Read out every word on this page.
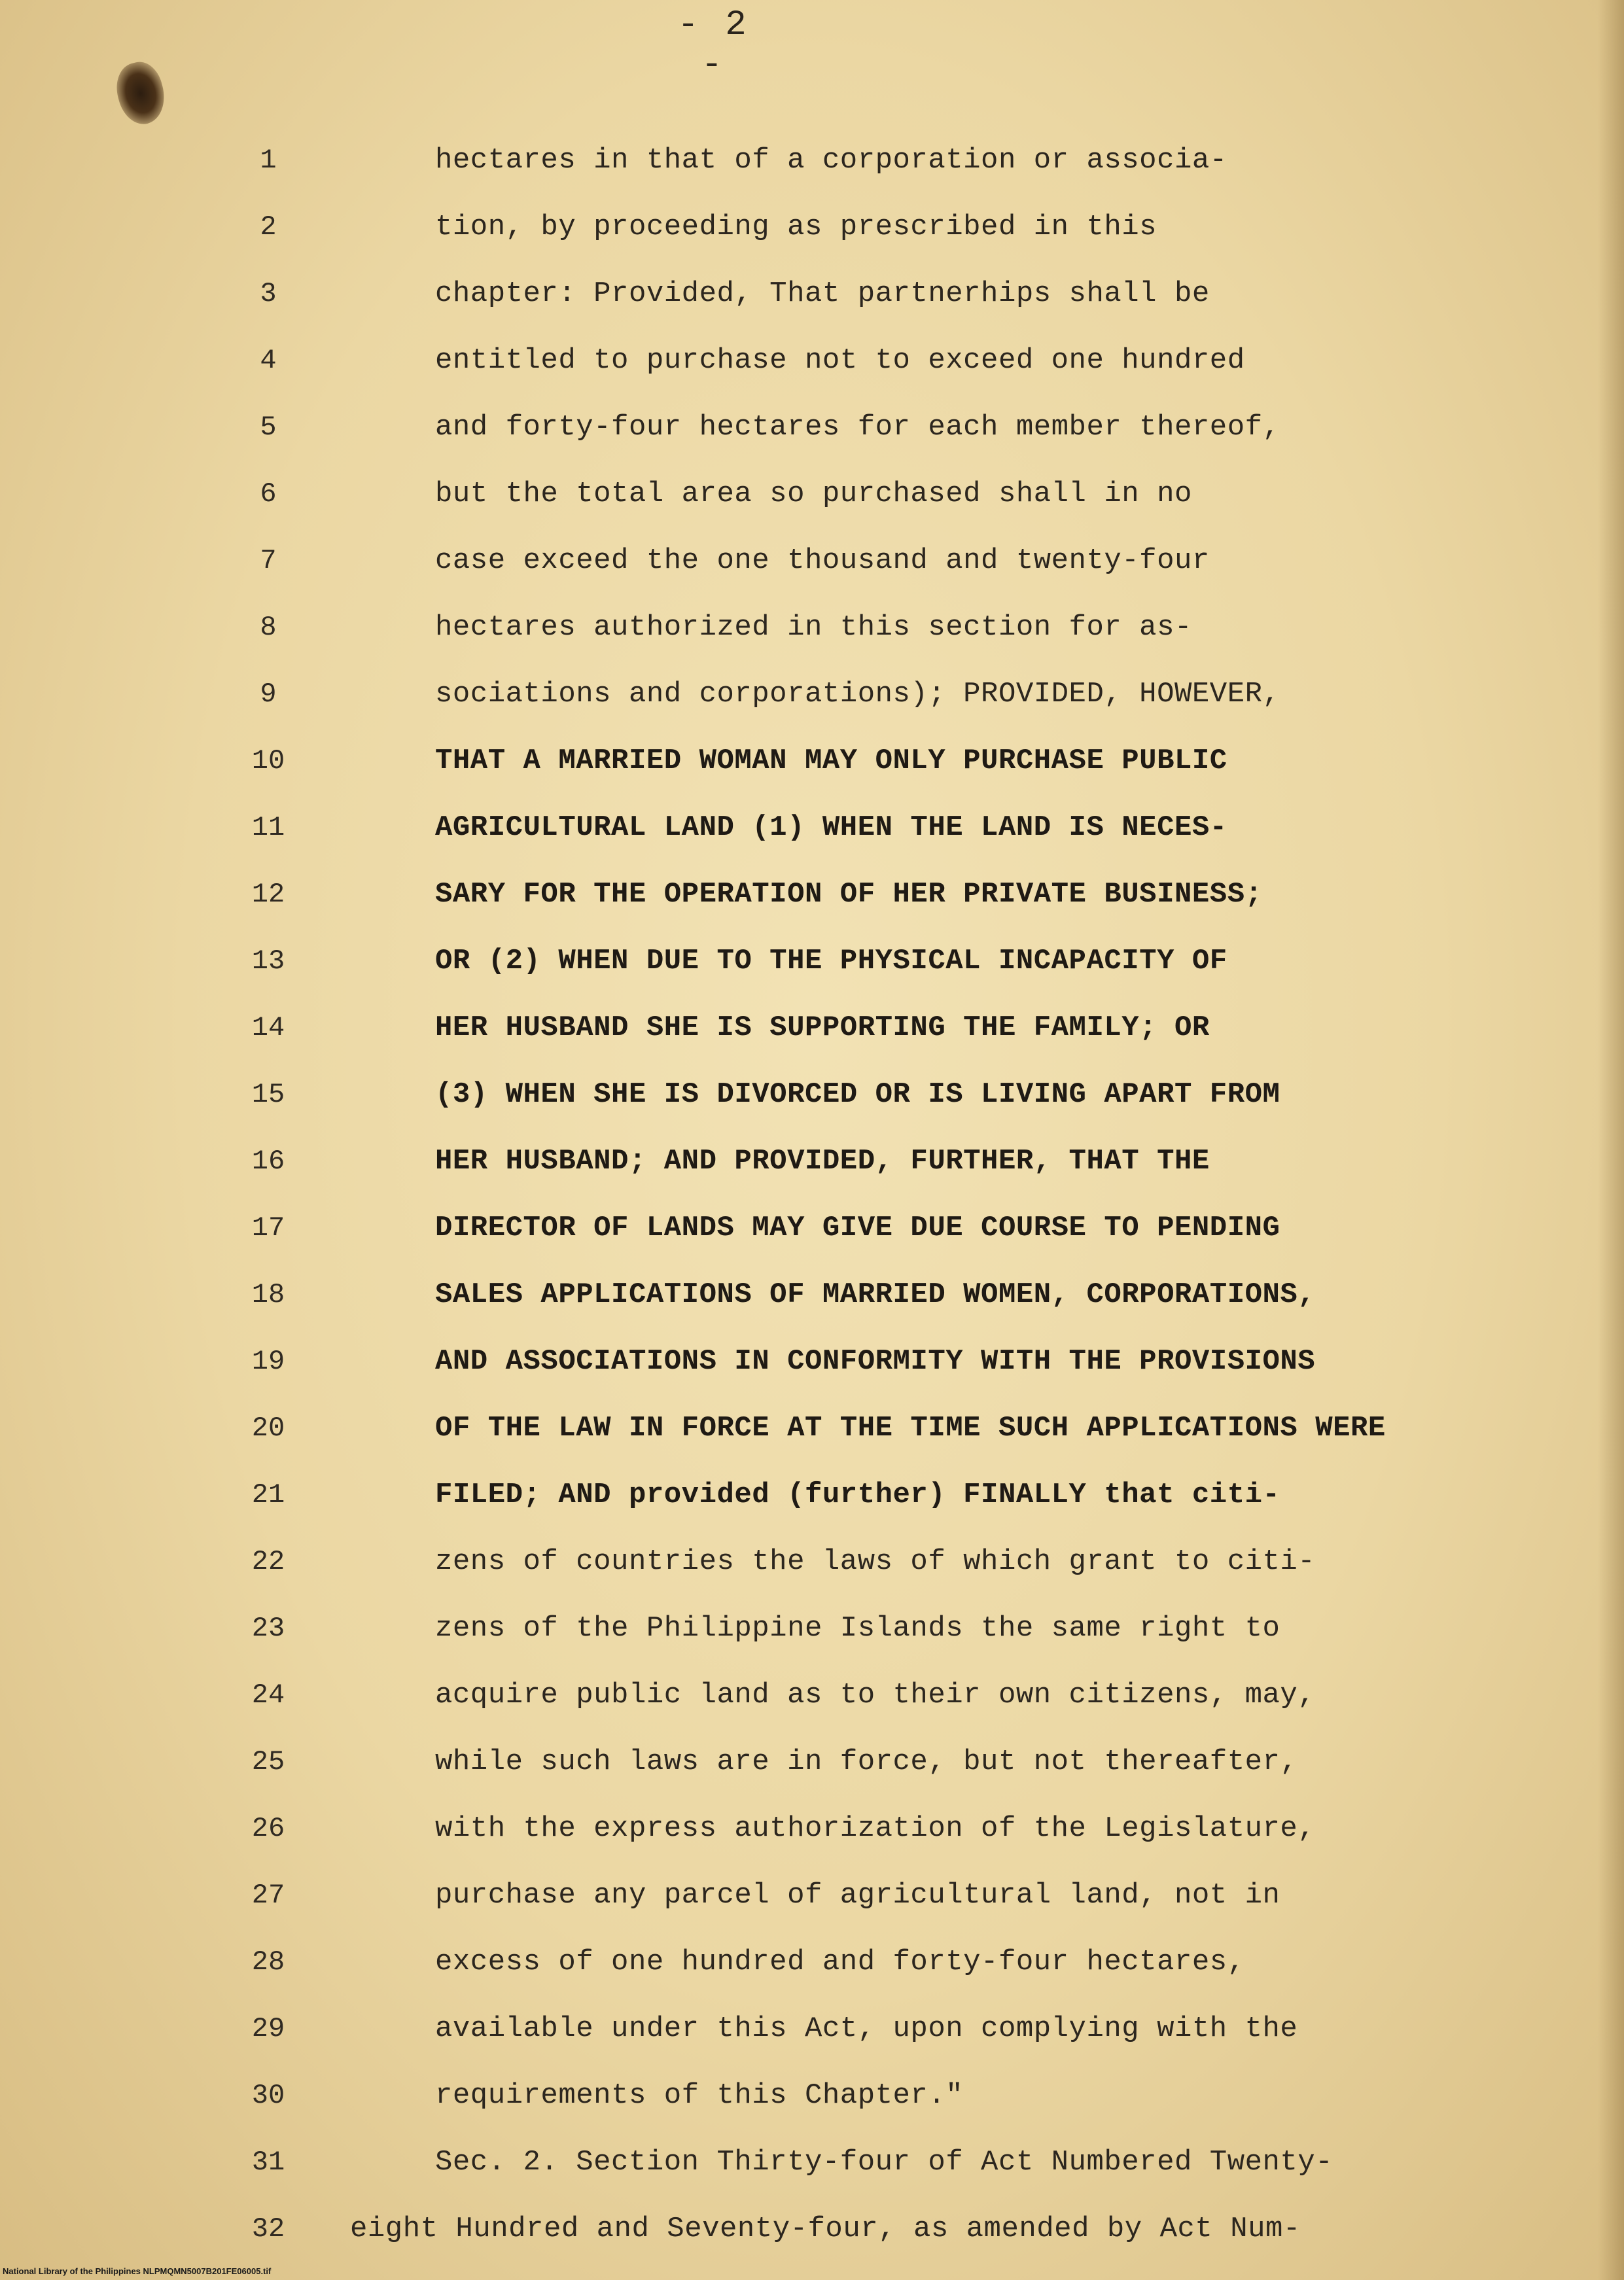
- 2 -
1
2
3
4
5
6
7
8
9
10
11
12
13
14
15
16
17
18
19
20
21
22
23
24
25
26
27
28
29
30
31
32
hectares in that of a corporation or associa-
tion, by proceeding as prescribed in this
chapter: Provided, That partnerhips shall be
entitled to purchase not to exceed one hundred
and forty-four hectares for each member thereof,
but the total area so purchased shall in no
case exceed the one thousand and twenty-four
hectares authorized in this section for as-
sociations and corporations); PROVIDED, HOWEVER,
THAT A MARRIED WOMAN MAY ONLY PURCHASE PUBLIC
AGRICULTURAL LAND (1) WHEN THE LAND IS NECES-
SARY FOR THE OPERATION OF HER PRIVATE BUSINESS;
OR (2) WHEN DUE TO THE PHYSICAL INCAPACITY OF
HER HUSBAND SHE IS SUPPORTING THE FAMILY; OR
(3) WHEN SHE IS DIVORCED OR IS LIVING APART FROM
HER HUSBAND; AND PROVIDED, FURTHER, THAT THE
DIRECTOR OF LANDS MAY GIVE DUE COURSE TO PENDING
SALES APPLICATIONS OF MARRIED WOMEN, CORPORATIONS,
AND ASSOCIATIONS IN CONFORMITY WITH THE PROVISIONS
OF THE LAW IN FORCE AT THE TIME SUCH APPLICATIONS WERE
FILED; AND provided (further) FINALLY that citi-
zens of countries the laws of which grant to citi-
zens of the Philippine Islands the same right to
acquire public land as to their own citizens, may,
while such laws are in force, but not thereafter,
with the express authorization of the Legislature,
purchase any parcel of agricultural land, not in
excess of one hundred and forty-four hectares,
available under this Act, upon complying with the
requirements of this Chapter."
Sec. 2. Section Thirty-four of Act Numbered Twenty-
eight Hundred and Seventy-four, as amended by Act Num-
National Library of the Philippines NLPMQMN5007B201FE06005.tif
